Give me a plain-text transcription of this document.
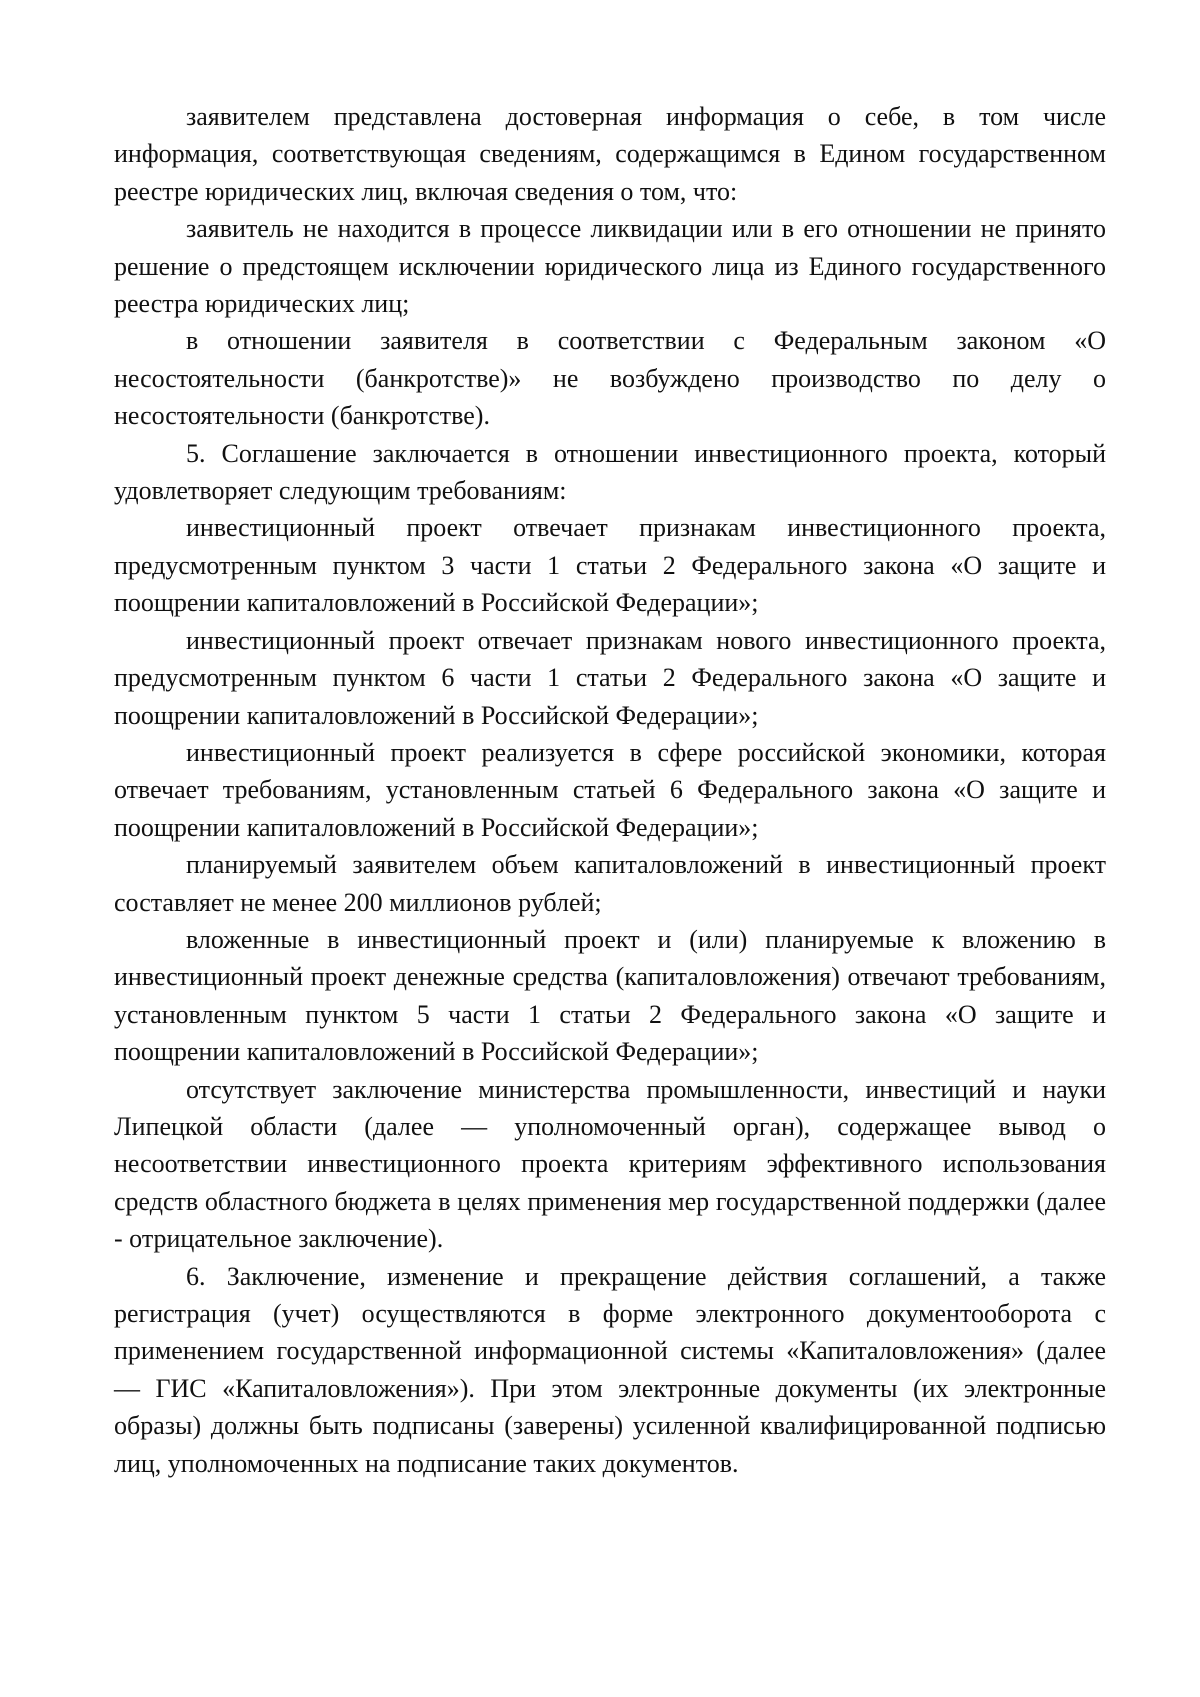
заявителем представлена достоверная информация о себе, в том числе информация, соответствующая сведениям, содержащимся в Едином государственном реестре юридических лиц, включая сведения о том, что:

заявитель не находится в процессе ликвидации или в его отношении не принято решение о предстоящем исключении юридического лица из Единого государственного реестра юридических лиц;

в отношении заявителя в соответствии с Федеральным законом «О несостоятельности (банкротстве)» не возбуждено производство по делу о несостоятельности (банкротстве).

5. Соглашение заключается в отношении инвестиционного проекта, который удовлетворяет следующим требованиям:

инвестиционный проект отвечает признакам инвестиционного проекта, предусмотренным пунктом 3 части 1 статьи 2 Федерального закона «О защите и поощрении капиталовложений в Российской Федерации»;

инвестиционный проект отвечает признакам нового инвестиционного проекта, предусмотренным пунктом 6 части 1 статьи 2 Федерального закона «О защите и поощрении капиталовложений в Российской Федерации»;

инвестиционный проект реализуется в сфере российской экономики, которая отвечает требованиям, установленным статьей 6 Федерального закона «О защите и поощрении капиталовложений в Российской Федерации»;

планируемый заявителем объем капиталовложений в инвестиционный проект составляет не менее 200 миллионов рублей;

вложенные в инвестиционный проект и (или) планируемые к вложению в инвестиционный проект денежные средства (капиталовложения) отвечают требованиям, установленным пунктом 5 части 1 статьи 2 Федерального закона «О защите и поощрении капиталовложений в Российской Федерации»;

отсутствует заключение министерства промышленности, инвестиций и науки Липецкой области (далее — уполномоченный орган), содержащее вывод о несоответствии инвестиционного проекта критериям эффективного использования средств областного бюджета в целях применения мер государственной поддержки (далее - отрицательное заключение).

6. Заключение, изменение и прекращение действия соглашений, а также регистрация (учет) осуществляются в форме электронного документооборота с применением государственной информационной системы «Капиталовложения» (далее — ГИС «Капиталовложения»). При этом электронные документы (их электронные образы) должны быть подписаны (заверены) усиленной квалифицированной подписью лиц, уполномоченных на подписание таких документов.
